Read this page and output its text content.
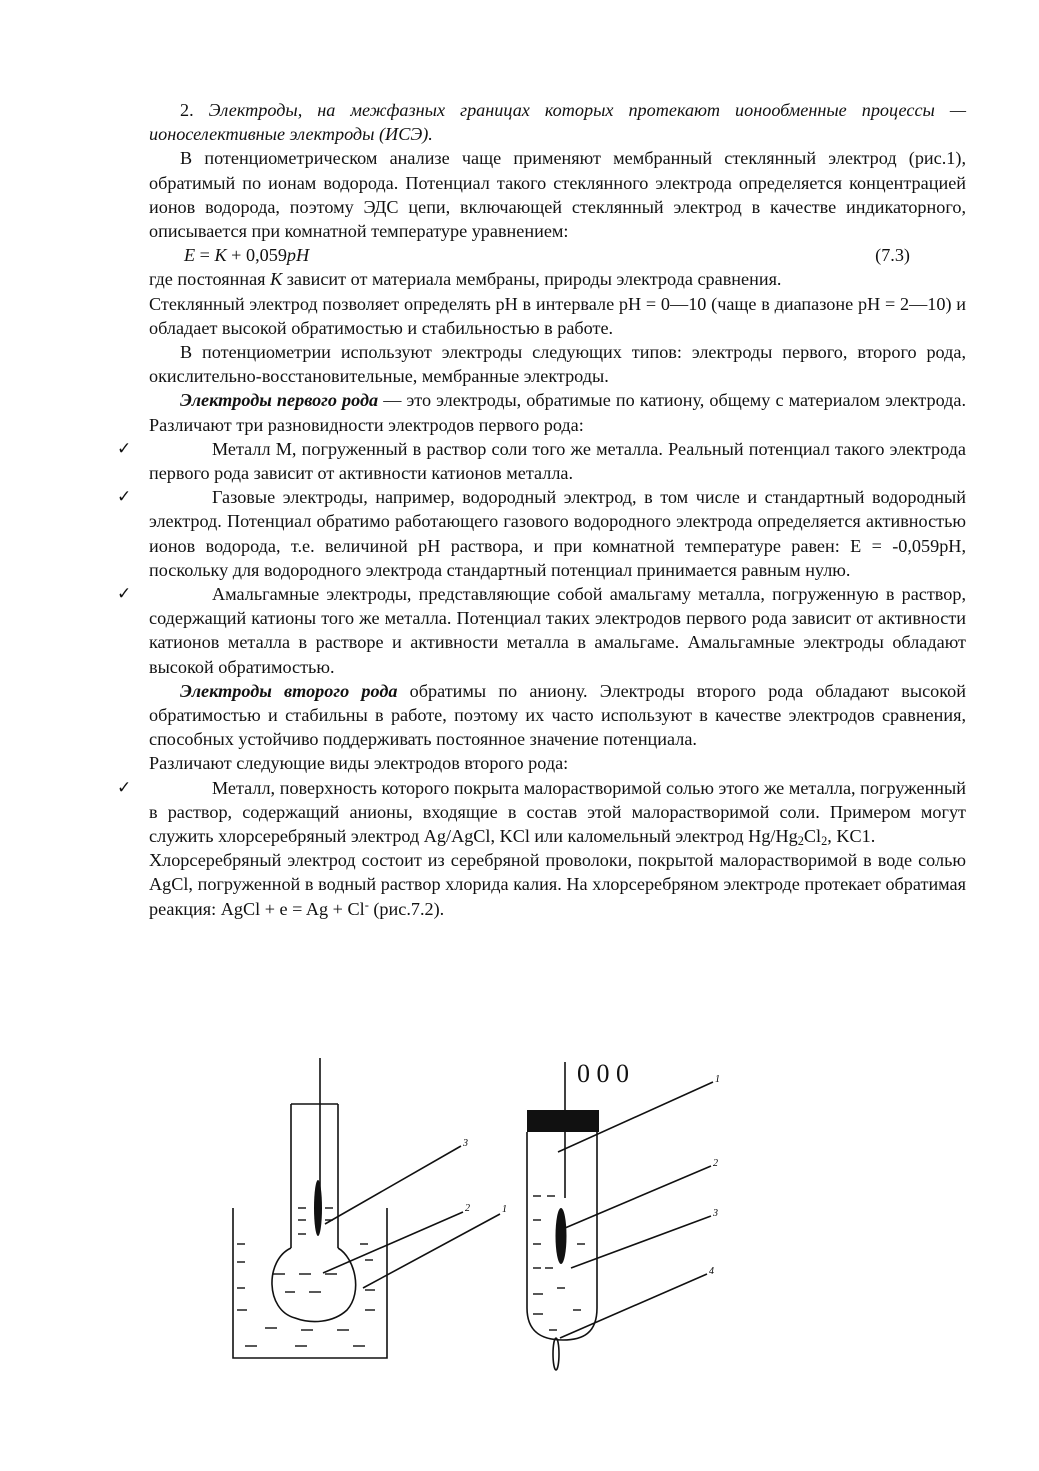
2. Электроды, на межфазных границах которых протекают ионообменные процессы — ионоселективные электроды (ИСЭ).

В потенциометрическом анализе чаще применяют мембранный стеклянный электрод (рис.1), обратимый по ионам водорода. Потенциал такого стеклянного электрода определяется концентрацией ионов водорода, поэтому ЭДС цепи, включающей стеклянный электрод в качестве индикаторного, описывается при комнатной температуре уравнением:

E = K + 0,059pH	(7.3)

где постоянная K зависит от материала мембраны, природы электрода сравнения.

Стеклянный электрод позволяет определять pH в интервале pH = 0—10 (чаще в диапазоне pH = 2—10) и обладает высокой обратимостью и стабильностью в работе.

В потенциометрии используют электроды следующих типов: электроды первого, второго рода, окислительно-восстановительные, мембранные электроды.

Электроды первого рода — это электроды, обратимые по катиону, общему с материалом электрода. Различают три разновидности электродов первого рода:

✓	Металл М, погруженный в раствор соли того же металла. Реальный потенциал такого электрода первого рода зависит от активности катионов металла.

✓	Газовые электроды, например, водородный электрод, в том числе и стандартный водородный электрод. Потенциал обратимо работающего газового водородного электрода определяется активностью ионов водорода, т.е. величиной pH раствора, и при комнатной температуре равен: E = -0,059pH, поскольку для водородного электрода стандартный потенциал принимается равным нулю.

✓	Амальгамные электроды, представляющие собой амальгаму металла, погруженную в раствор, содержащий катионы того же металла. Потенциал таких электродов первого рода зависит от активности катионов металла в растворе и активности металла в амальгаме. Амальгамные электроды обладают высокой обратимостью.

Электроды второго рода обратимы по аниону. Электроды второго рода обладают высокой обратимостью и стабильны в работе, поэтому их часто используют в качестве электродов сравнения, способных устойчиво поддерживать постоянное значение потенциала.

Различают следующие виды электродов второго рода:

✓	Металл, поверхность которого покрыта малорастворимой солью этого же металла, погруженный в раствор, содержащий анионы, входящие в состав этой малорастворимой соли. Примером могут служить хлорсеребряный электрод Ag/AgCl, KCl или каломельный электрод $Hg/Hg_2Cl_2$, KC1.

Хлорсеребряный электрод состоит из серебряной проволоки, покрытой малорастворимой в воде солью AgCl, погруженной в водный раствор хлорида калия. На хлорсеребряном электроде протекает обратимая реакция: AgCl + e = Ag + Cl- (рис.7.2).

0 0 0
3
2	1
1
2
3
4
